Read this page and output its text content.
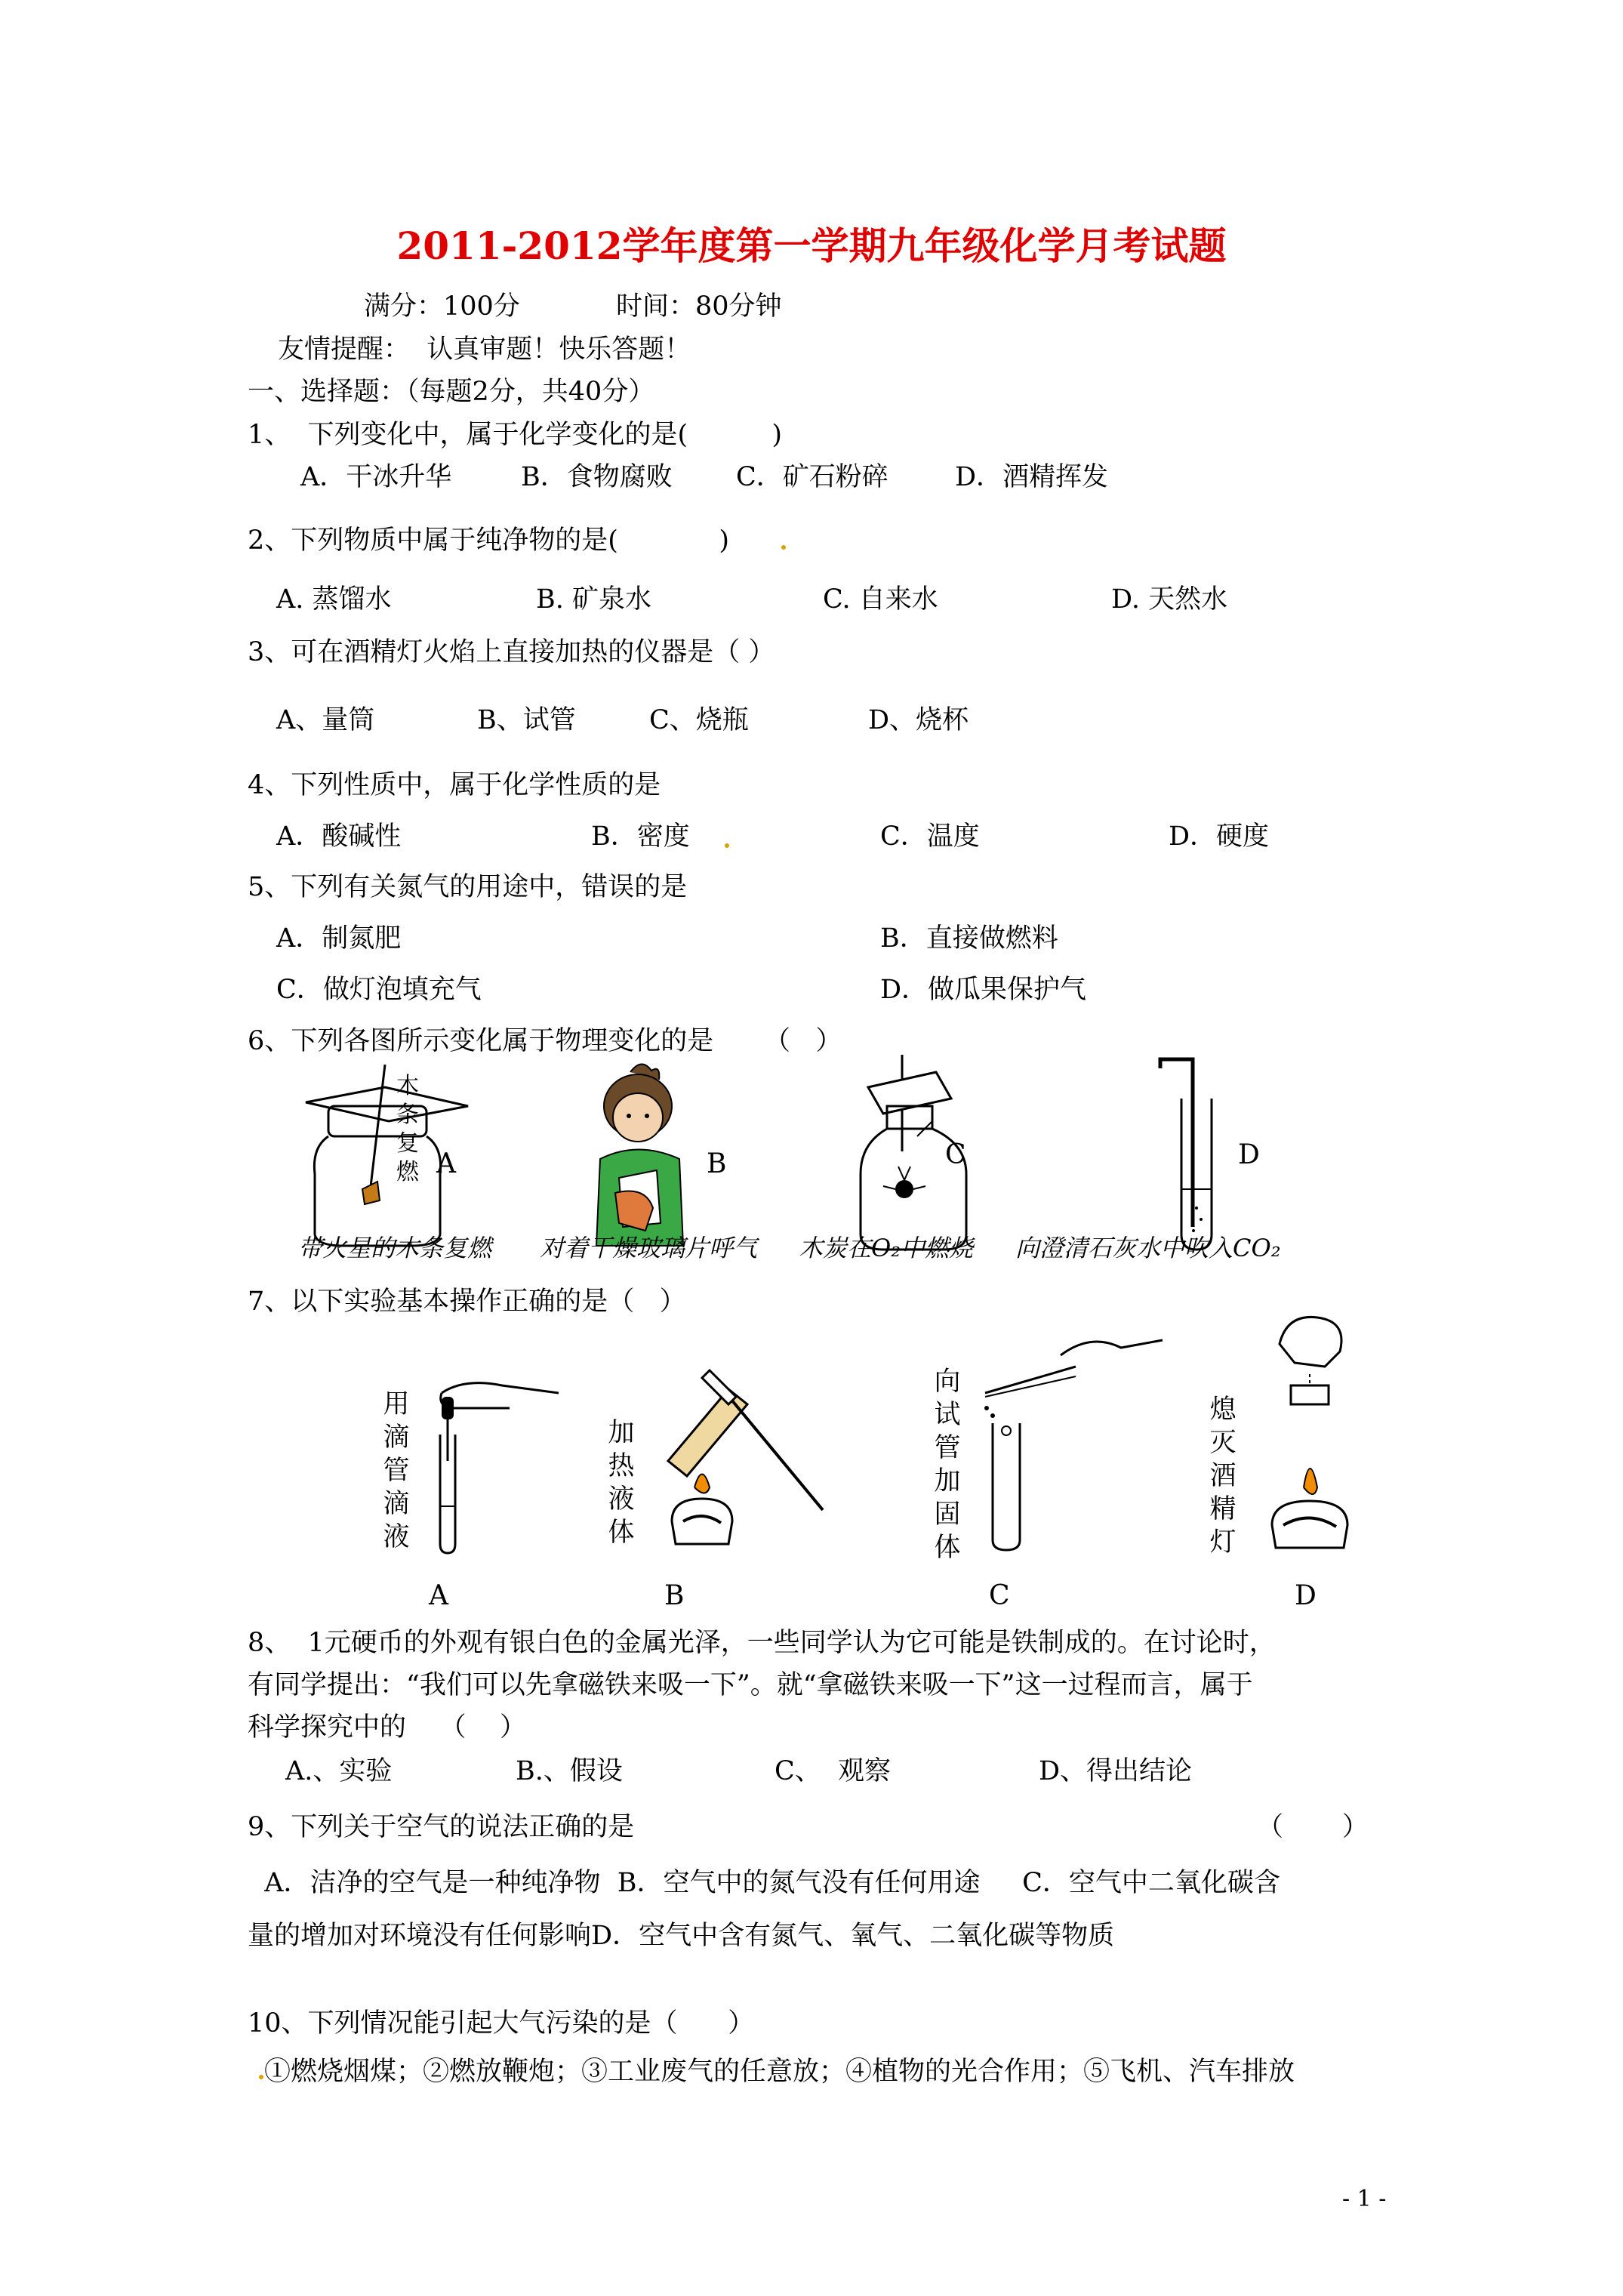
2011-2012学年度第一学期九年级化学月考试题
满分：100分	时间：80分钟
友情提醒：  认真审题！快乐答题！
一、选择题：（每题2分，共40分）
1、  下列变化中，属于化学变化的是(          )
A．干冰升华	B．食物腐败 C．矿石粉碎	D．酒精挥发
2、下列物质中属于纯净物的是(            )
A. 蒸馏水	B. 矿泉水	C. 自来水	D. 天然水
3、可在酒精灯火焰上直接加热的仪器是（ ）
A、量筒	B、试管	C、烧瓶	D、烧杯
4、下列性质中，属于化学性质的是
A．酸碱性	B．密度	C．温度	D．硬度
5、下列有关氮气的用途中，错误的是
A．制氮肥	B．直接做燃料
C．做灯泡填充气	D．做瓜果保护气
6、下列各图所示变化属于物理变化的是      （   ）
木条复燃 A	B	C	D
带火星的木条复燃 对着干燥玻璃片呼气 木炭在O₂中燃烧 向澄清石灰水中吹入CO₂
7、以下实验基本操作正确的是（   ）
用滴管滴液
加热液体
向试管加固体
熄灭酒精灯
A	B	C	D
8、  1元硬币的外观有银白色的金属光泽，一些同学认为它可能是铁制成的。在讨论时，
有同学提出：“我们可以先拿磁铁来吸一下”。就“拿磁铁来吸一下”这一过程而言，属于
科学探究中的    （    ）
A.、实验	B.、假设	C、  观察	D、得出结论
9、下列关于空气的说法正确的是	（       ）
A．洁净的空气是一种纯净物  B．空气中的氮气没有任何用途     C．空气中二氧化碳含
量的增加对环境没有任何影响D．空气中含有氮气、氧气、二氧化碳等物质
10、下列情况能引起大气污染的是（      ）
①燃烧烟煤；②燃放鞭炮；③工业废气的任意放；④植物的光合作用；⑤飞机、汽车排放
- 1 -
